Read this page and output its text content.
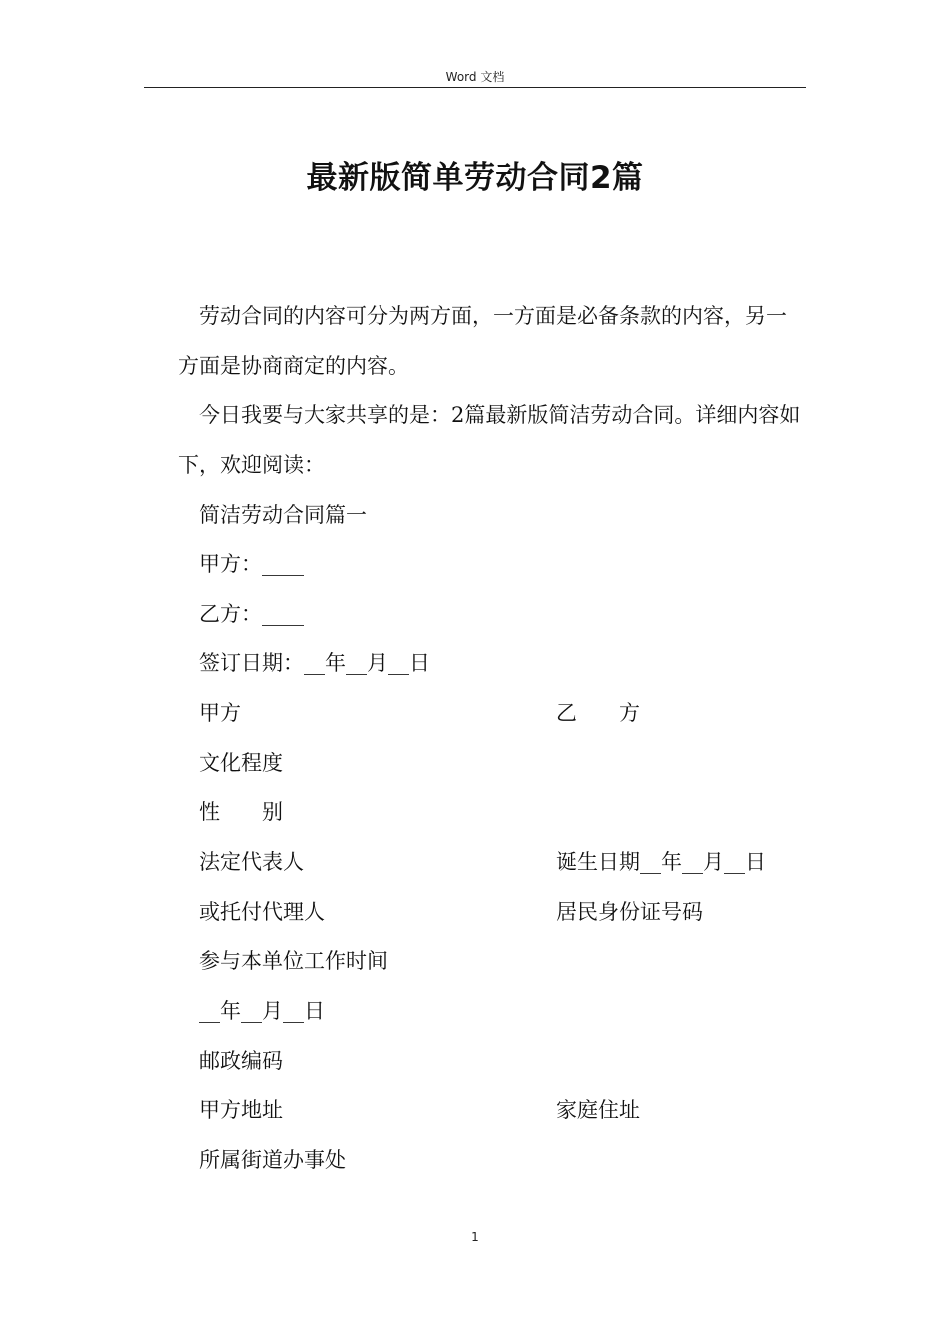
Word 文档
最新版简单劳动合同2篇

劳动合同的内容可分为两方面，一方面是必备条款的内容，另一方面是协商商定的内容。

今日我要与大家共享的是：2篇最新版简洁劳动合同。详细内容如下，欢迎阅读：

简洁劳动合同篇一
甲方：____
乙方：____
签订日期：__年__月__日
甲方	乙　　方
文化程度
性　　别
法定代表人	诞生日期__年__月__日
或托付代理人	居民身份证号码
参与本单位工作时间
__年__月__日
邮政编码
甲方地址	家庭住址
所属街道办事处
1
